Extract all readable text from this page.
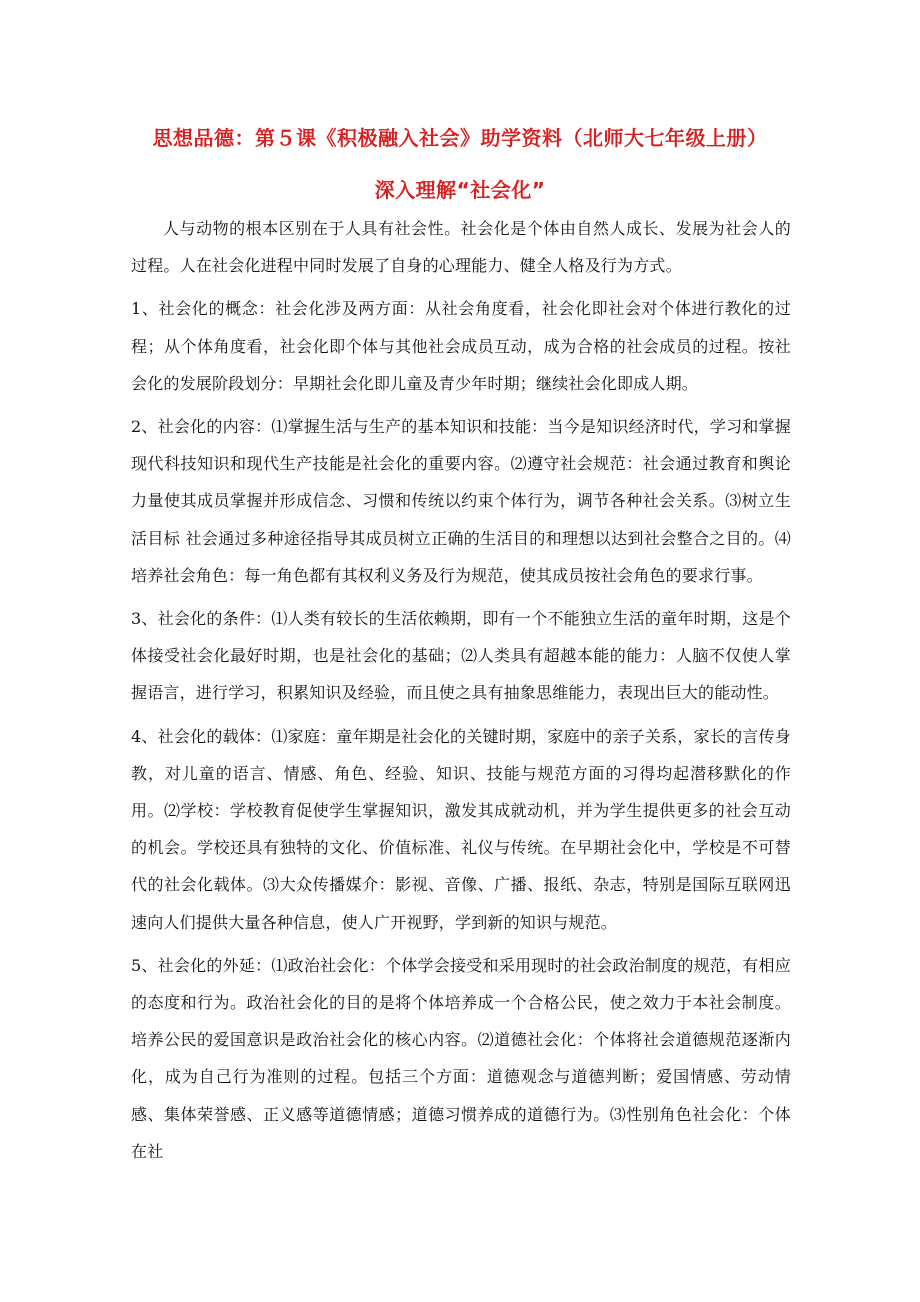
思想品德：第５课《积极融入社会》助学资料（北师大七年级上册）
深入理解“社会化”

人与动物的根本区别在于人具有社会性。社会化是个体由自然人成长、发展为社会人的过程。人在社会化进程中同时发展了自身的心理能力、健全人格及行为方式。

1、社会化的概念：社会化涉及两方面：从社会角度看，社会化即社会对个体进行教化的过程；从个体角度看，社会化即个体与其他社会成员互动，成为合格的社会成员的过程。按社会化的发展阶段划分：早期社会化即儿童及青少年时期；继续社会化即成人期。

2、社会化的内容：⑴掌握生活与生产的基本知识和技能：当今是知识经济时代，学习和掌握现代科技知识和现代生产技能是社会化的重要内容。⑵遵守社会规范：社会通过教育和舆论力量使其成员掌握并形成信念、习惯和传统以约束个体行为，调节各种社会关系。⑶树立生活目标 社会通过多种途径指导其成员树立正确的生活目的和理想以达到社会整合之目的。⑷培养社会角色：每一角色都有其权利义务及行为规范，使其成员按社会角色的要求行事。

3、社会化的条件：⑴人类有较长的生活依赖期，即有一个不能独立生活的童年时期，这是个体接受社会化最好时期，也是社会化的基础；⑵人类具有超越本能的能力：人脑不仅使人掌握语言，进行学习，积累知识及经验，而且使之具有抽象思维能力，表现出巨大的能动性。

4、社会化的载体：⑴家庭：童年期是社会化的关键时期，家庭中的亲子关系，家长的言传身教，对儿童的语言、情感、角色、经验、知识、技能与规范方面的习得均起潜移默化的作用。⑵学校：学校教育促使学生掌握知识，激发其成就动机，并为学生提供更多的社会互动的机会。学校还具有独特的文化、价值标准、礼仪与传统。在早期社会化中，学校是不可替代的社会化载体。⑶大众传播媒介：影视、音像、广播、报纸、杂志，特别是国际互联网迅速向人们提供大量各种信息，使人广开视野，学到新的知识与规范。

5、社会化的外延：⑴政治社会化：个体学会接受和采用现时的社会政治制度的规范，有相应的态度和行为。政治社会化的目的是将个体培养成一个合格公民，使之效力于本社会制度。培养公民的爱国意识是政治社会化的核心内容。⑵道德社会化：个体将社会道德规范逐渐内化，成为自己行为准则的过程。包括三个方面：道德观念与道德判断；爱国情感、劳动情感、集体荣誉感、正义感等道德情感；道德习惯养成的道德行为。⑶性别角色社会化：个体在社
